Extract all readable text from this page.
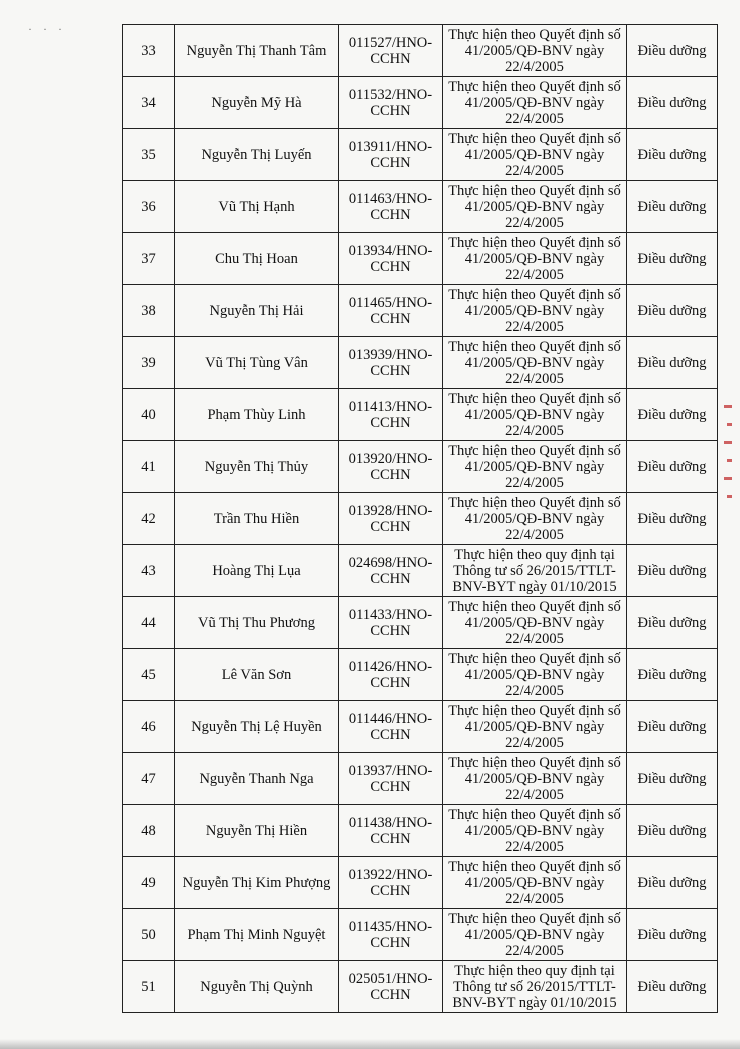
· · ·
33	Nguyễn Thị Thanh Tâm	011527/HNO-CCHN	Thực hiện theo Quyết định số 41/2005/QĐ-BNV ngày 22/4/2005	Điều dưỡng
34	Nguyễn Mỹ Hà	011532/HNO-CCHN	Thực hiện theo Quyết định số 41/2005/QĐ-BNV ngày 22/4/2005	Điều dưỡng
35	Nguyễn Thị Luyến	013911/HNO-CCHN	Thực hiện theo Quyết định số 41/2005/QĐ-BNV ngày 22/4/2005	Điều dưỡng
36	Vũ Thị Hạnh	011463/HNO-CCHN	Thực hiện theo Quyết định số 41/2005/QĐ-BNV ngày 22/4/2005	Điều dưỡng
37	Chu Thị Hoan	013934/HNO-CCHN	Thực hiện theo Quyết định số 41/2005/QĐ-BNV ngày 22/4/2005	Điều dưỡng
38	Nguyễn Thị Hải	011465/HNO-CCHN	Thực hiện theo Quyết định số 41/2005/QĐ-BNV ngày 22/4/2005	Điều dưỡng
39	Vũ Thị Tùng Vân	013939/HNO-CCHN	Thực hiện theo Quyết định số 41/2005/QĐ-BNV ngày 22/4/2005	Điều dưỡng
40	Phạm Thùy Linh	011413/HNO-CCHN	Thực hiện theo Quyết định số 41/2005/QĐ-BNV ngày 22/4/2005	Điều dưỡng
41	Nguyễn Thị Thủy	013920/HNO-CCHN	Thực hiện theo Quyết định số 41/2005/QĐ-BNV ngày 22/4/2005	Điều dưỡng
42	Trần Thu Hiền	013928/HNO-CCHN	Thực hiện theo Quyết định số 41/2005/QĐ-BNV ngày 22/4/2005	Điều dưỡng
43	Hoàng Thị Lụa	024698/HNO-CCHN	Thực hiện theo quy định tại Thông tư số 26/2015/TTLT-BNV-BYT ngày 01/10/2015	Điều dưỡng
44	Vũ Thị Thu Phương	011433/HNO-CCHN	Thực hiện theo Quyết định số 41/2005/QĐ-BNV ngày 22/4/2005	Điều dưỡng
45	Lê Văn Sơn	011426/HNO-CCHN	Thực hiện theo Quyết định số 41/2005/QĐ-BNV ngày 22/4/2005	Điều dưỡng
46	Nguyễn Thị Lệ Huyền	011446/HNO-CCHN	Thực hiện theo Quyết định số 41/2005/QĐ-BNV ngày 22/4/2005	Điều dưỡng
47	Nguyễn Thanh Nga	013937/HNO-CCHN	Thực hiện theo Quyết định số 41/2005/QĐ-BNV ngày 22/4/2005	Điều dưỡng
48	Nguyễn Thị Hiền	011438/HNO-CCHN	Thực hiện theo Quyết định số 41/2005/QĐ-BNV ngày 22/4/2005	Điều dưỡng
49	Nguyễn Thị Kim Phượng	013922/HNO-CCHN	Thực hiện theo Quyết định số 41/2005/QĐ-BNV ngày 22/4/2005	Điều dưỡng
50	Phạm Thị Minh Nguyệt	011435/HNO-CCHN	Thực hiện theo Quyết định số 41/2005/QĐ-BNV ngày 22/4/2005	Điều dưỡng
51	Nguyễn Thị Quỳnh	025051/HNO-CCHN	Thực hiện theo quy định tại Thông tư số 26/2015/TTLT-BNV-BYT ngày 01/10/2015	Điều dưỡng
